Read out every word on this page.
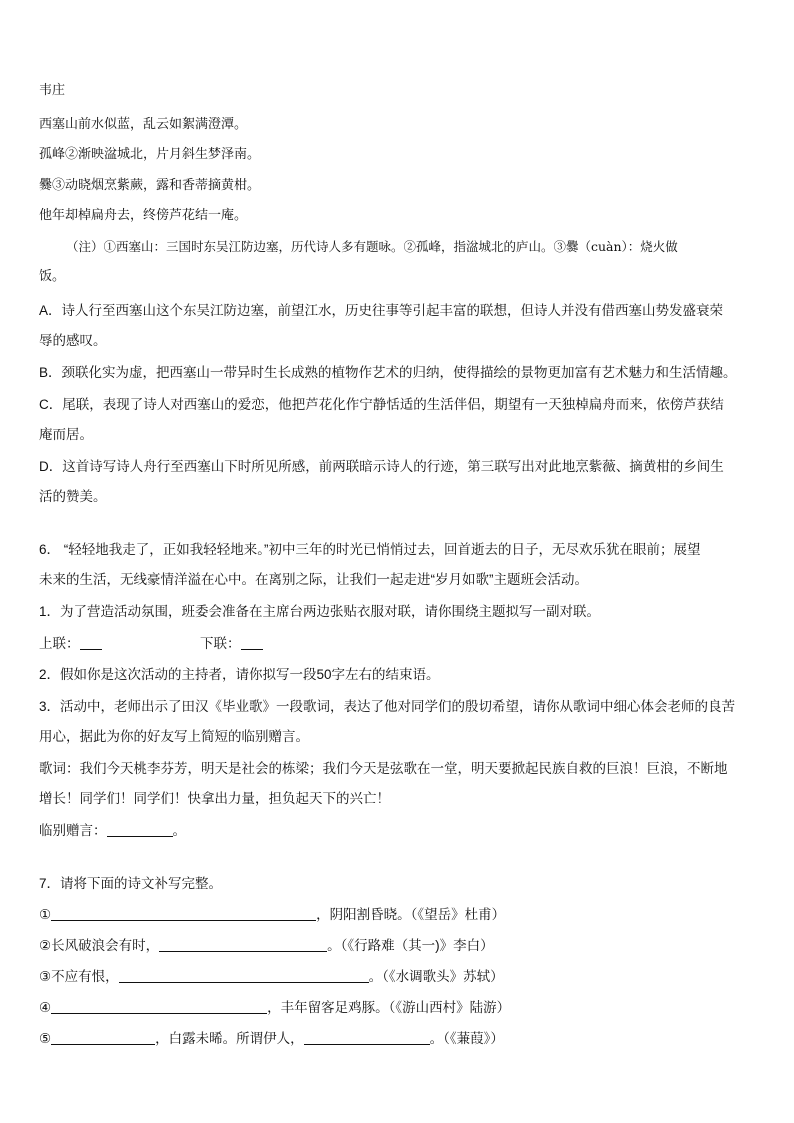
韦庄
西塞山前水似蓝，乱云如絮满澄潭。
孤峰②渐映湓城北，片月斜生梦泽南。
爨③动晓烟烹紫蕨，露和香蒂摘黄柑。
他年却棹扁舟去，终傍芦花结一庵。
（注）①西塞山：三国时东吴江防边塞，历代诗人多有题咏。②孤峰，指湓城北的庐山。③爨（cuàn）：烧火做
饭。
A．诗人行至西塞山这个东吴江防边塞，前望江水，历史往事等引起丰富的联想，但诗人并没有借西塞山势发盛衰荣
辱的感叹。
B．颈联化实为虚，把西塞山一带异时生长成熟的植物作艺术的归纳，使得描绘的景物更加富有艺术魅力和生活情趣。
C．尾联，表现了诗人对西塞山的爱恋，他把芦花化作宁静恬适的生活伴侣，期望有一天独棹扁舟而来，依傍芦获结
庵而居。
D．这首诗写诗人舟行至西塞山下时所见所感，前两联暗示诗人的行迹，第三联写出对此地烹紫薇、摘黄柑的乡间生
活的赞美。
6． “轻轻地我走了，正如我轻轻地来。”初中三年的时光已悄悄过去，回首逝去的日子，无尽欢乐犹在眼前；展望
未来的生活，无线豪情洋溢在心中。在离别之际，让我们一起走进“岁月如歌”主题班会活动。
1．为了营造活动氛围，班委会准备在主席台两边张贴衣服对联，请你围绕主题拟写一副对联。
上联：	下联：
2．假如你是这次活动的主持者，请你拟写一段50字左右的结束语。
3．活动中，老师出示了田汉《毕业歌》一段歌词，表达了他对同学们的殷切希望，请你从歌词中细心体会老师的良苦
用心，据此为你的好友写上简短的临别赠言。
歌词：我们今天桃李芬芳，明天是社会的栋梁；我们今天是弦歌在一堂，明天要掀起民族自救的巨浪！巨浪，不断地
增长！同学们！同学们！快拿出力量，担负起天下的兴亡！
临别赠言：	。
7．请将下面的诗文补写完整。
①	，阴阳割昏晓。（《望岳》杜甫）
②长风破浪会有时，	。（《行路难（其一)》李白）
③不应有恨，	。（《水调歌头》苏轼）
④	，丰年留客足鸡豚。（《游山西村》陆游）
⑤	，白露未晞。所谓伊人，	。（《蒹葭》）
